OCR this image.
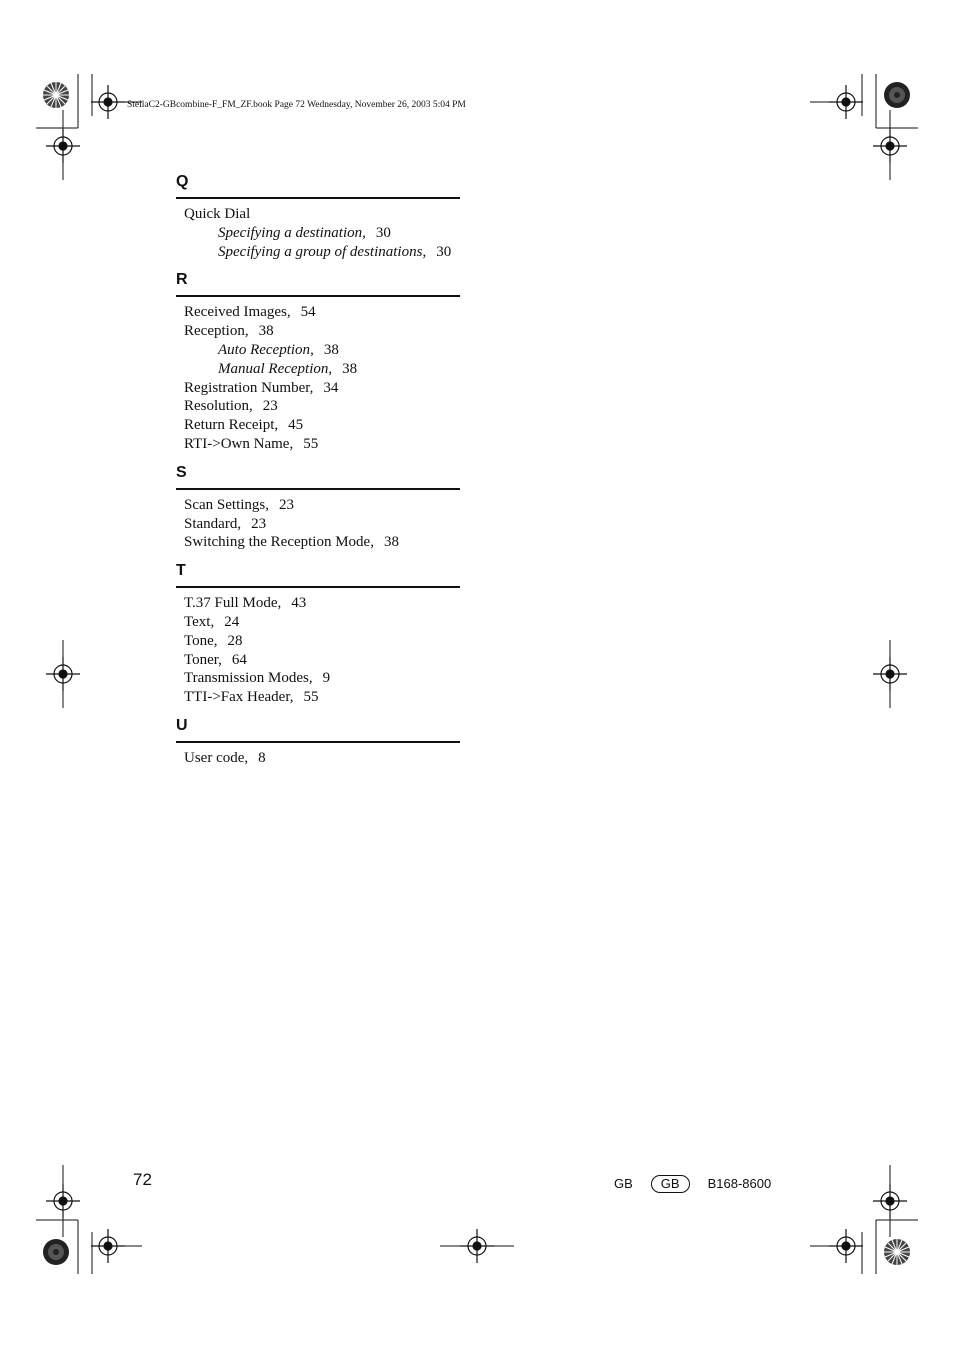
StellaC2-GBcombine-F_FM_ZF.book Page 72 Wednesday, November 26, 2003 5:04 PM
Q
Quick Dial
Specifying a destination, 30
Specifying a group of destinations, 30
R
Received Images, 54
Reception, 38
Auto Reception, 38
Manual Reception, 38
Registration Number, 34
Resolution, 23
Return Receipt, 45
RTI->Own Name, 55
S
Scan Settings, 23
Standard, 23
Switching the Reception Mode, 38
T
T.37 Full Mode, 43
Text, 24
Tone, 28
Toner, 64
Transmission Modes, 9
TTI->Fax Header, 55
U
User code, 8
72	GB GB B168-8600
